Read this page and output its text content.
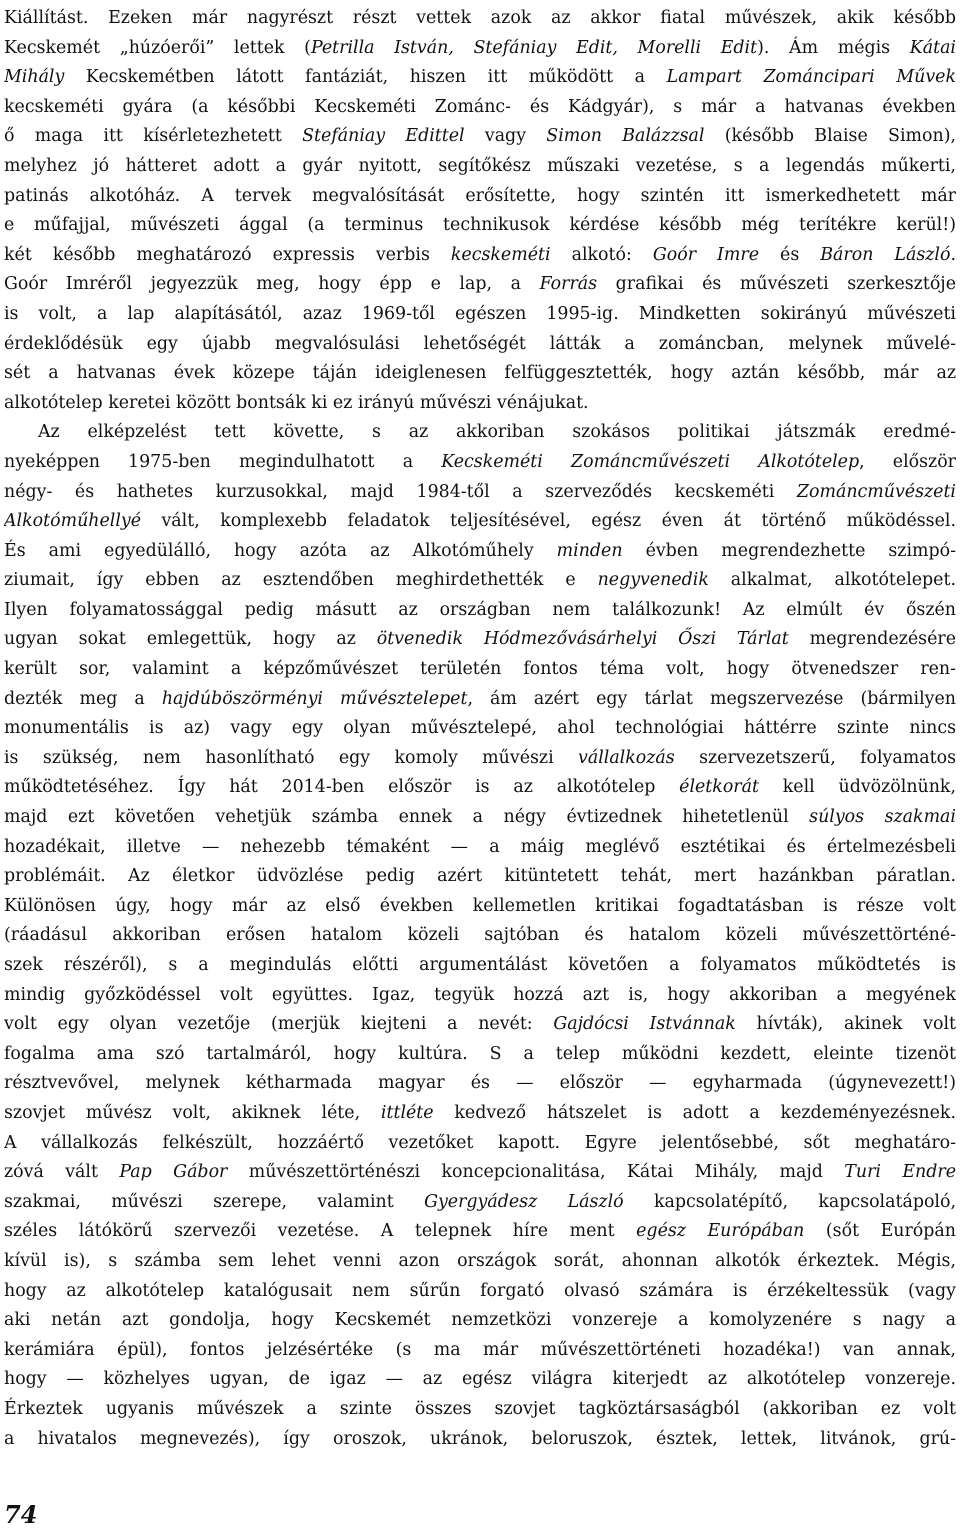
Kiállítást. Ezeken már nagyrészt részt vettek azok az akkor fiatal művészek, akik később
Kecskemét „húzóerői” lettek (Petrilla István, Stefániay Edit, Morelli Edit). Ám mégis Kátai
Mihály Kecskemétben látott fantáziát, hiszen itt működött a Lampart Zománcipari Művek
kecskeméti gyára (a későbbi Kecskeméti Zománc- és Kádgyár), s már a hatvanas években
ő maga itt kísérletezhetett Stefániay Edittel vagy Simon Balázzsal (később Blaise Simon),
melyhez jó hátteret adott a gyár nyitott, segítőkész műszaki vezetése, s a legendás műkerti,
patinás alkotóház. A tervek megvalósítását erősítette, hogy szintén itt ismerkedhetett már
e műfajjal, művészeti ággal (a terminus technikusok kérdése később még terítékre kerül!)
két később meghatározó expressis verbis kecskeméti alkotó: Goór Imre és Báron László.
Goór Imréről jegyezzük meg, hogy épp e lap, a Forrás grafikai és művészeti szerkesztője
is volt, a lap alapításától, azaz 1969-től egészen 1995-ig. Mindketten sokirányú művészeti
érdeklődésük egy újabb megvalósulási lehetőségét látták a zománcban, melynek művelé-
sét a hatvanas évek közepe táján ideiglenesen felfüggesztették, hogy aztán később, már az
alkotótelep keretei között bontsák ki ez irányú művészi vénájukat.
Az elképzelést tett követte, s az akkoriban szokásos politikai játszmák eredmé-
nyeképpen 1975-ben megindulhatott a Kecskeméti Zománcművészeti Alkotótelep, először
négy- és hathetes kurzusokkal, majd 1984-től a szerveződés kecskeméti Zománcművészeti
Alkotóműhellyé vált, komplexebb feladatok teljesítésével, egész éven át történő működéssel.
És ami egyedülálló, hogy azóta az Alkotóműhely minden évben megrendezhette szimpó-
ziumait, így ebben az esztendőben meghirdethették e negyvenedik alkalmat, alkotótelepet.
Ilyen folyamatossággal pedig másutt az országban nem találkozunk! Az elmúlt év őszén
ugyan sokat emlegettük, hogy az ötvenedik Hódmezővásárhelyi Őszi Tárlat megrendezésére
került sor, valamint a képzőművészet területén fontos téma volt, hogy ötvenedszer ren-
dezték meg a hajdúböszörményi művésztelepet, ám azért egy tárlat megszervezése (bármilyen
monumentális is az) vagy egy olyan művésztelepé, ahol technológiai háttérre szinte nincs
is szükség, nem hasonlítható egy komoly művészi vállalkozás szervezetszerű, folyamatos
működtetéséhez. Így hát 2014-ben először is az alkotótelep életkorát kell üdvözölnünk,
majd ezt követően vehetjük számba ennek a négy évtizednek hihetetlenül súlyos szakmai
hozadékait, illetve — nehezebb témaként — a máig meglévő esztétikai és értelmezésbeli
problémáit. Az életkor üdvözlése pedig azért kitüntetett tehát, mert hazánkban páratlan.
Különösen úgy, hogy már az első években kellemetlen kritikai fogadtatásban is része volt
(ráadásul akkoriban erősen hatalom közeli sajtóban és hatalom közeli művészettörténé-
szek részéről), s a megindulás előtti argumentálást követően a folyamatos működtetés is
mindig győzködéssel volt együttes. Igaz, tegyük hozzá azt is, hogy akkoriban a megyének
volt egy olyan vezetője (merjük kiejteni a nevét: Gajdócsi Istvánnak hívták), akinek volt
fogalma ama szó tartalmáról, hogy kultúra. S a telep működni kezdett, eleinte tizenöt
résztvevővel, melynek kétharmada magyar és — először — egyharmada (úgynevezett!)
szovjet művész volt, akiknek léte, ittléte kedvező hátszelet is adott a kezdeményezésnek.
A vállalkozás felkészült, hozzáértő vezetőket kapott. Egyre jelentősebbé, sőt meghatáro-
zóvá vált Pap Gábor művészettörténészi koncepcionalitása, Kátai Mihály, majd Turi Endre
szakmai, művészi szerepe, valamint Gyergyádesz László kapcsolatépítő, kapcsolatápoló,
széles látókörű szervezői vezetése. A telepnek híre ment egész Európában (sőt Európán
kívül is), s számba sem lehet venni azon országok sorát, ahonnan alkotók érkeztek. Mégis,
hogy az alkotótelep katalógusait nem sűrűn forgató olvasó számára is érzékeltessük (vagy
aki netán azt gondolja, hogy Kecskemét nemzetközi vonzereje a komolyzenére s nagy a
kerámiára épül), fontos jelzésértéke (s ma már művészettörténeti hozadéka!) van annak,
hogy — közhelyes ugyan, de igaz — az egész világra kiterjedt az alkotótelep vonzereje.
Érkeztek ugyanis művészek a szinte összes szovjet tagköztársaságból (akkoriban ez volt
a hivatalos megnevezés), így oroszok, ukránok, beloruszok, észtek, lettek, litvánok, grú-
74
